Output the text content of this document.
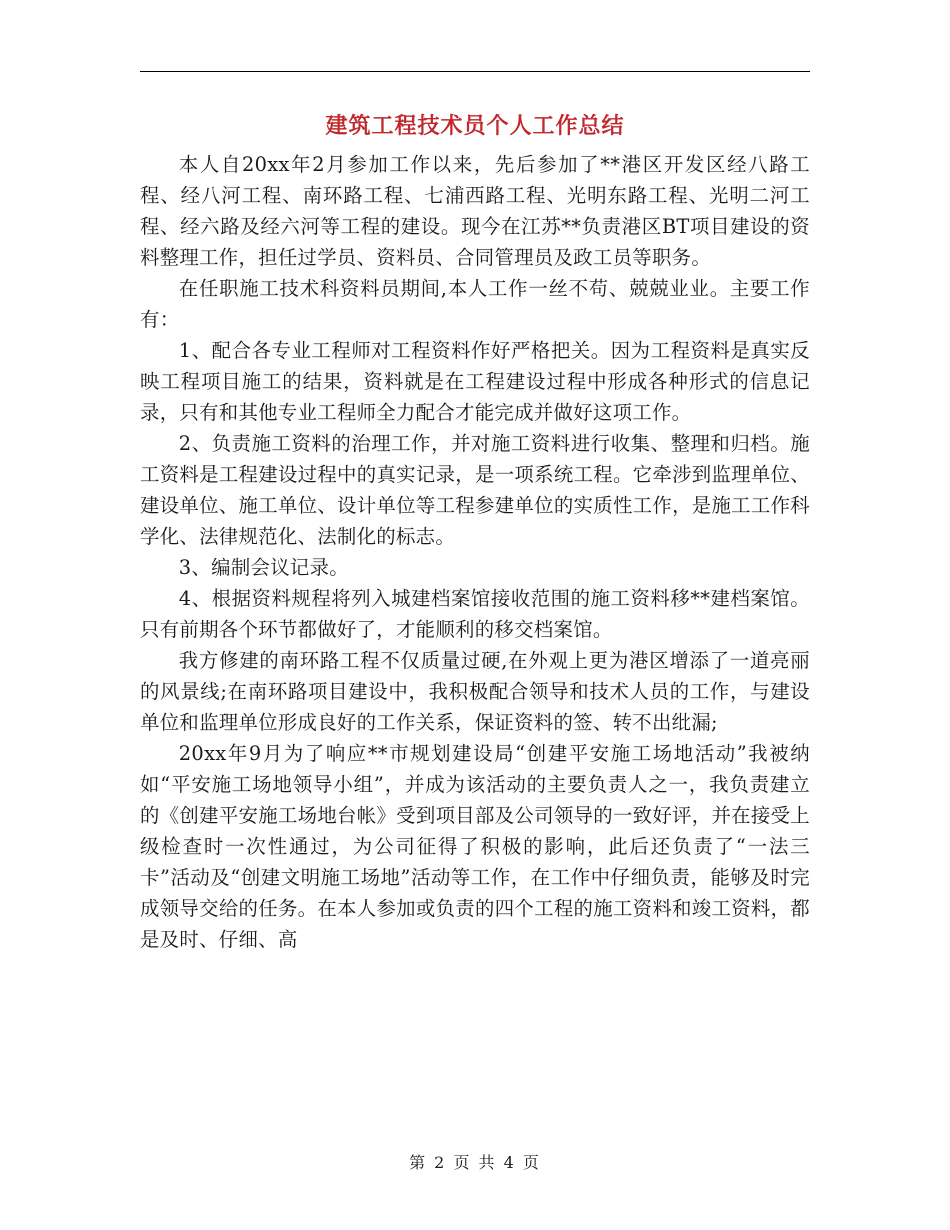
建筑工程技术员个人工作总结

本人自20xx年2月参加工作以来，先后参加了**港区开发区经八路工程、经八河工程、南环路工程、七浦西路工程、光明东路工程、光明二河工程、经六路及经六河等工程的建设。现今在江苏**负责港区BT项目建设的资料整理工作，担任过学员、资料员、合同管理员及政工员等职务。

在任职施工技术科资料员期间,本人工作一丝不苟、兢兢业业。主要工作有：

1、配合各专业工程师对工程资料作好严格把关。因为工程资料是真实反映工程项目施工的结果，资料就是在工程建设过程中形成各种形式的信息记录，只有和其他专业工程师全力配合才能完成并做好这项工作。

2、负责施工资料的治理工作，并对施工资料进行收集、整理和归档。施工资料是工程建设过程中的真实记录，是一项系统工程。它牵涉到监理单位、建设单位、施工单位、设计单位等工程参建单位的实质性工作，是施工工作科学化、法律规范化、法制化的标志。

3、编制会议记录。

4、根据资料规程将列入城建档案馆接收范围的施工资料移**建档案馆。只有前期各个环节都做好了，才能顺利的移交档案馆。

我方修建的南环路工程不仅质量过硬,在外观上更为港区增添了一道亮丽的风景线;在南环路项目建设中，我积极配合领导和技术人员的工作，与建设单位和监理单位形成良好的工作关系，保证资料的签、转不出纰漏;

20xx年9月为了响应**市规划建设局“创建平安施工场地活动”我被纳如“平安施工场地领导小组”，并成为该活动的主要负责人之一，我负责建立的《创建平安施工场地台帐》受到项目部及公司领导的一致好评，并在接受上级检查时一次性通过，为公司征得了积极的影响，此后还负责了“一法三卡”活动及“创建文明施工场地”活动等工作，在工作中仔细负责，能够及时完成领导交给的任务。在本人参加或负责的四个工程的施工资料和竣工资料，都是及时、仔细、高

第 2 页 共 4 页
